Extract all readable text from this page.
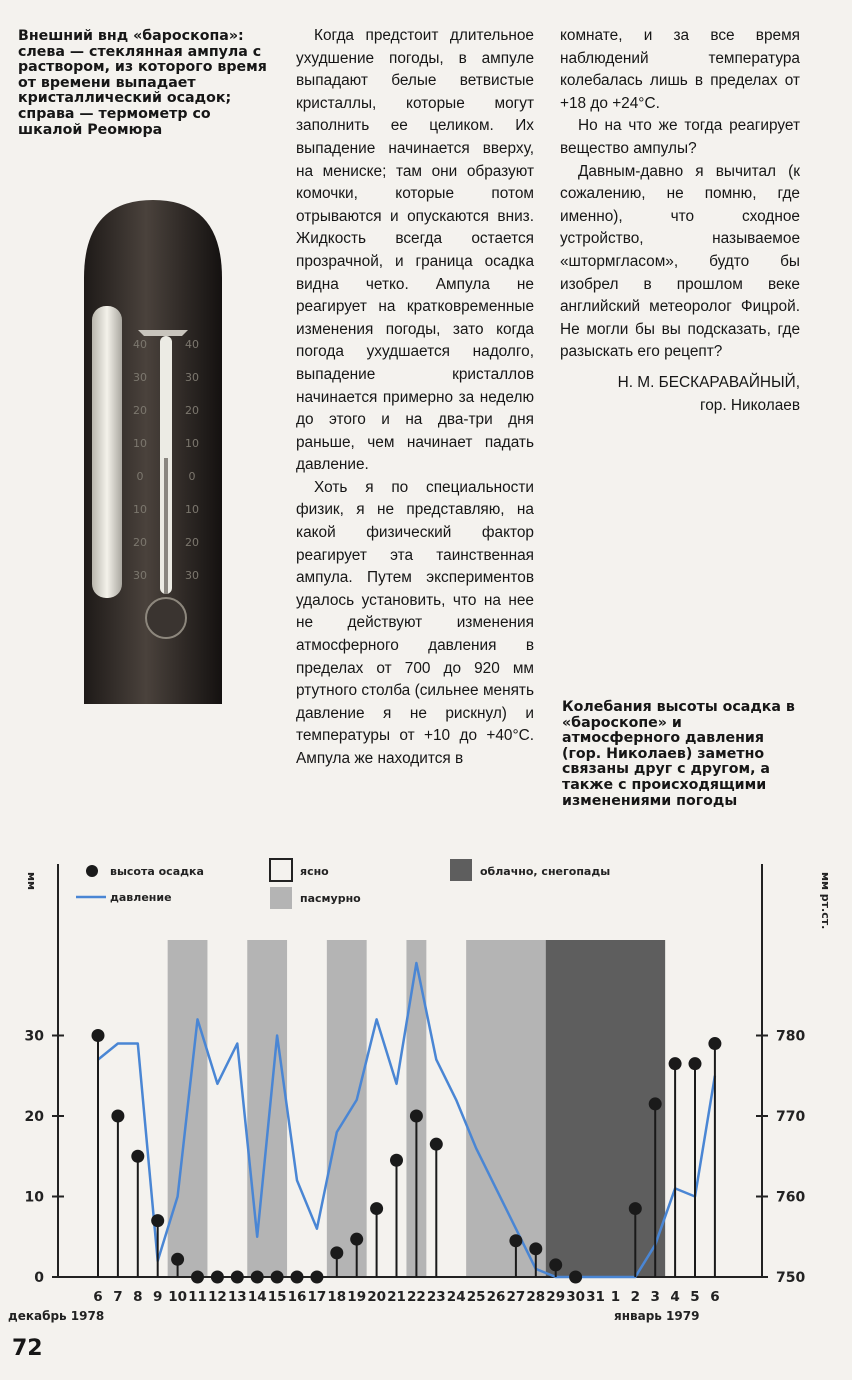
Внешний внд «бароскопа»: слева — стеклянная ампула с раствором, из которого время от времени выпадает кристаллический осадок; справа — термометр со шкалой Реомюра
40
40
30
30
20
20
10
10
0
0
10
10
20
20
30
30

Когда предстоит длительное ухудшение погоды, в ампуле выпадают белые ветвистые кристаллы, которые могут заполнить ее целиком. Их выпадение начинается вверху, на мениске; там они образуют комочки, которые потом отрываются и опускаются вниз. Жидкость всегда остается прозрачной, и граница осадка видна четко. Ампула не реагирует на кратковременные изменения погоды, зато когда погода ухудшается надолго, выпадение кристаллов начинается примерно за неделю до этого и на два-три дня раньше, чем начинает падать давление.

Хоть я по специальности физик, я не представляю, на какой физический фактор реагирует эта таинственная ампула. Путем экспериментов удалось установить, что на нее не действуют изменения атмосферного давления в пределах от 700 до 920 мм ртутного столба (сильнее менять давление я не рискнул) и температуры от +10 до +40°С. Ампула же находится в

комнате, и за все время наблюдений температура колебалась лишь в пределах от +18 до +24°С.

Но на что же тогда реагирует вещество ампулы?

Давным-давно я вычитал (к сожалению, не помню, где именно), что сходное устройство, называемое «штормгласом», будто бы изобрел в прошлом веке английский метеоролог Фицрой. Не могли бы вы подсказать, где разыскать его рецепт?

Н. М. БЕСКАРАВАЙНЫЙ,
гор. Николаев
Колебания высоты осадка в «бароскопе» и атмосферного давления (гор. Николаев) заметно связаны друг с другом, а также с происходящими изменениями погоды
0
10
20
30
750
760
770
780
мм	мм рт.ст.
высота осадка
давление
ясно
пасмурно
облачно, снегопады
6 7 8 9 10 11 12 13 14 15 16 17 18 19 20 21 22 23 24 25 26 27 28 29 30 31 1 2 3 4 5 6
декабрь 1978	январь 1979
72
